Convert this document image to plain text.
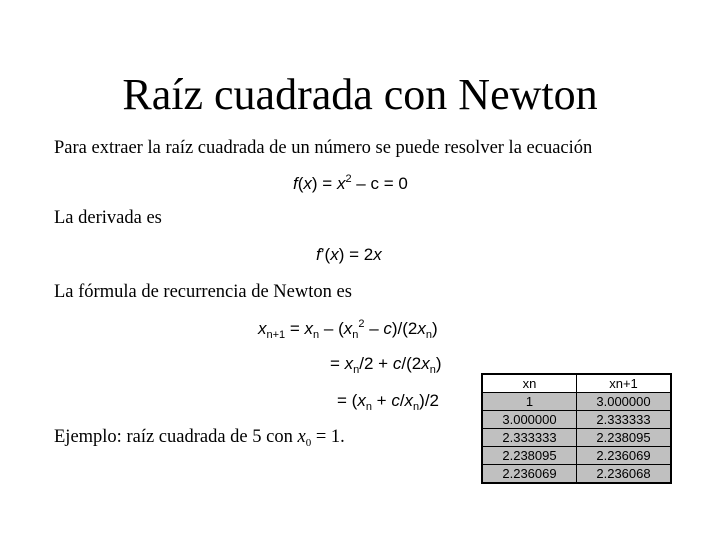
Raíz cuadrada con Newton
Para extraer la raíz cuadrada de un número se puede resolver la ecuación
$f(x) = x^2 - c = 0$
La derivada es
f’(x) = 2x
La fórmula de recurrencia de Newton es
$x_{n+1} = x_n - (x_n^2 - c)/(2x_n)$
= $x_n/2 + c/(2x_n)$
= $(x_n + c/x_n)/2$
Ejemplo: raíz cuadrada de 5 con $x_0 = 1$.
xn	xn+1
1	3.000000
3.000000	2.333333
2.333333	2.238095
2.238095	2.236069
2.236069	2.236068
